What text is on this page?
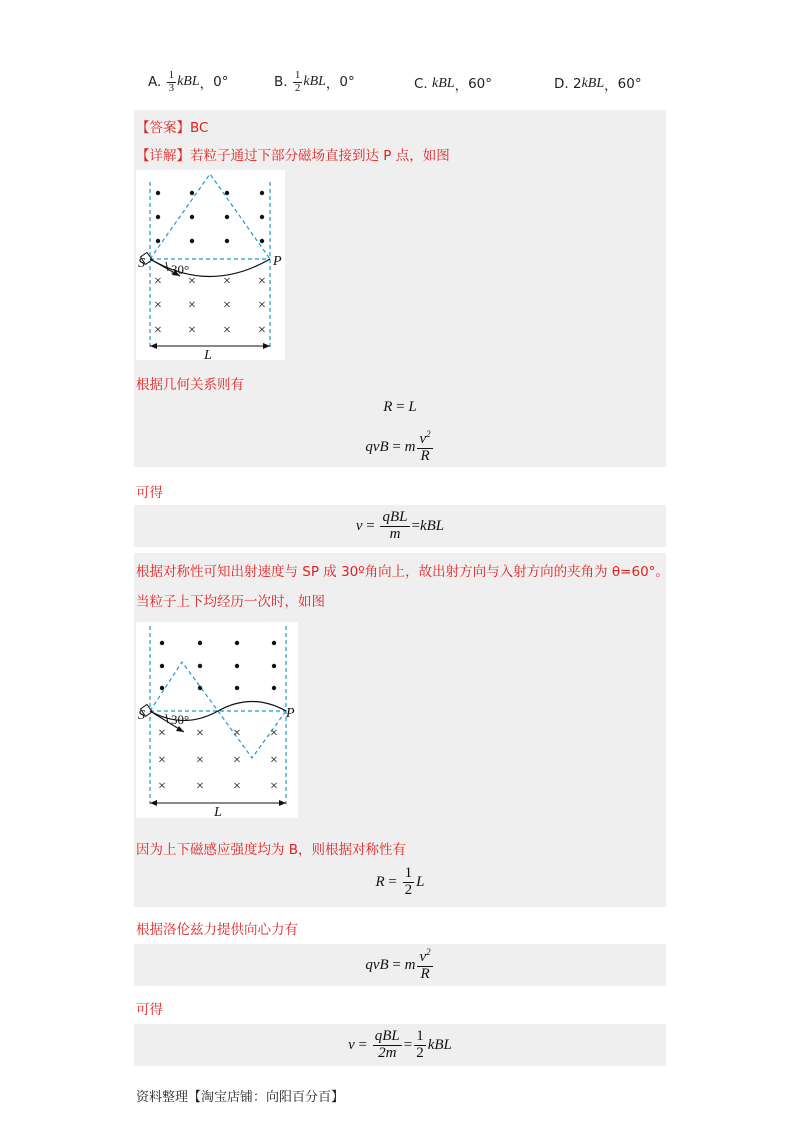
A.
$\frac{1}{3}$ kBL ， 0°	B.
$\frac{1}{2}$ kBL ， 0°	C.
kBL ， 60°	D.
2 kBL ， 60°
【答案】BC
【详解】若粒子通过下部分磁场直接到达 P 点，如图
× × × ×
× × × ×
× × × ×
S	P
30°
L
根据几何关系则有
R = L
qvB = m $\frac{v^2}{R}$
可得
$v = \frac{\text{qBL}}{m}$ = kBL
根据对称性可知出射速度与 SP 成 30º角向上，故出射方向与入射方向的夹角为 θ=60°。
当粒子上下均经历一次时，如图
× × × ×
× × × ×
× × × ×
S	P
30°
L
因为上下磁感应强度均为 B，则根据对称性有
$R = \frac{1}{2}$ L
根据洛伦兹力提供向心力有
qvB = m $\frac{v^2}{R}$
可得
$v = \frac{\text{qBL}}{2m} = \frac{1}{2}$ kBL
资料整理【淘宝店铺：向阳百分百】
